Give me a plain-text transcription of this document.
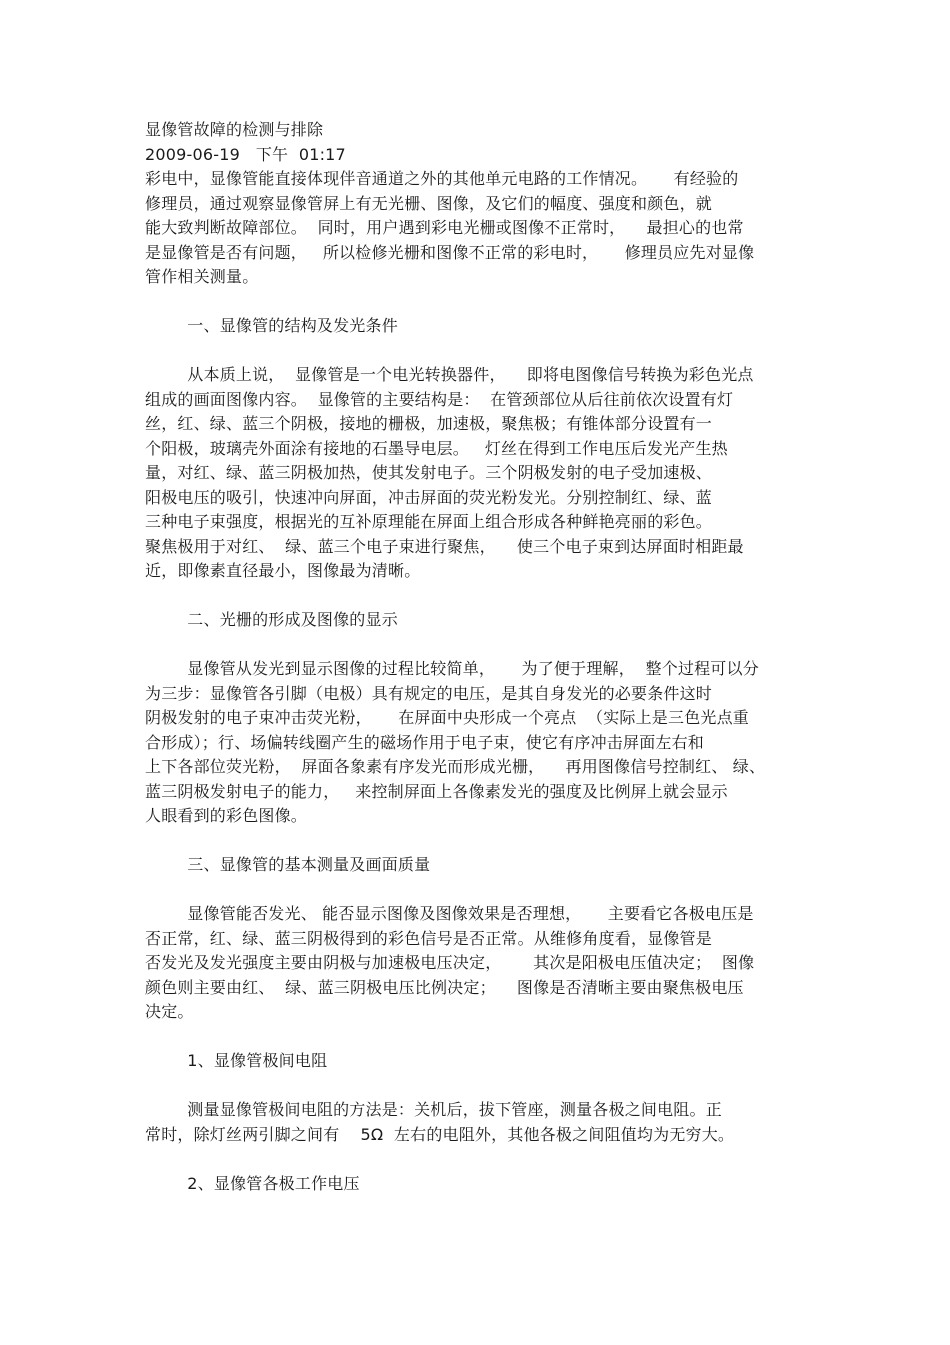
显像管故障的检测与排除
2009-06-19   下午  01:17
彩电中，显像管能直接体现伴音通道之外的其他单元电路的工作情况。     有经验的
修理员，通过观察显像管屏上有无光栅、图像，及它们的幅度、强度和颜色，就
能大致判断故障部位。  同时，用户遇到彩电光栅或图像不正常时，    最担心的也常
是显像管是否有问题，   所以检修光栅和图像不正常的彩电时，     修理员应先对显像
管作相关测量。
一、显像管的结构及发光条件
从本质上说，  显像管是一个电光转换器件，    即将电图像信号转换为彩色光点
组成的画面图像内容。  显像管的主要结构是：  在管颈部位从后往前依次设置有灯
丝，红、绿、蓝三个阴极，接地的栅极，加速极，聚焦极；有锥体部分设置有一
个阳极，玻璃壳外面涂有接地的石墨导电层。   灯丝在得到工作电压后发光产生热
量，对红、绿、蓝三阴极加热，使其发射电子。三个阴极发射的电子受加速极、
阳极电压的吸引，快速冲向屏面，冲击屏面的荧光粉发光。分别控制红、绿、蓝
三种电子束强度，根据光的互补原理能在屏面上组合形成各种鲜艳亮丽的彩色。
聚焦极用于对红、  绿、蓝三个电子束进行聚焦，    使三个电子束到达屏面时相距最
近，即像素直径最小，图像最为清晰。
二、光栅的形成及图像的显示
显像管从发光到显示图像的过程比较简单，     为了便于理解，  整个过程可以分
为三步：显像管各引脚（电极）具有规定的电压，是其自身发光的必要条件这时
阴极发射的电子束冲击荧光粉，     在屏面中央形成一个亮点  （实际上是三色光点重
合形成）；行、场偏转线圈产生的磁场作用于电子束，使它有序冲击屏面左右和
上下各部位荧光粉，  屏面各象素有序发光而形成光栅，    再用图像信号控制红、 绿、
蓝三阴极发射电子的能力，   来控制屏面上各像素发光的强度及比例屏上就会显示
人眼看到的彩色图像。
三、显像管的基本测量及画面质量
显像管能否发光、 能否显示图像及图像效果是否理想，     主要看它各极电压是
否正常，红、绿、蓝三阴极得到的彩色信号是否正常。从维修角度看，显像管是
否发光及发光强度主要由阴极与加速极电压决定，      其次是阳极电压值决定；  图像
颜色则主要由红、  绿、蓝三阴极电压比例决定；    图像是否清晰主要由聚焦极电压
决定。
1、显像管极间电阻
测量显像管极间电阻的方法是：关机后，拔下管座，测量各极之间电阻。正
常时，除灯丝两引脚之间有    5Ω  左右的电阻外，其他各极之间阻值均为无穷大。
2、显像管各极工作电压
